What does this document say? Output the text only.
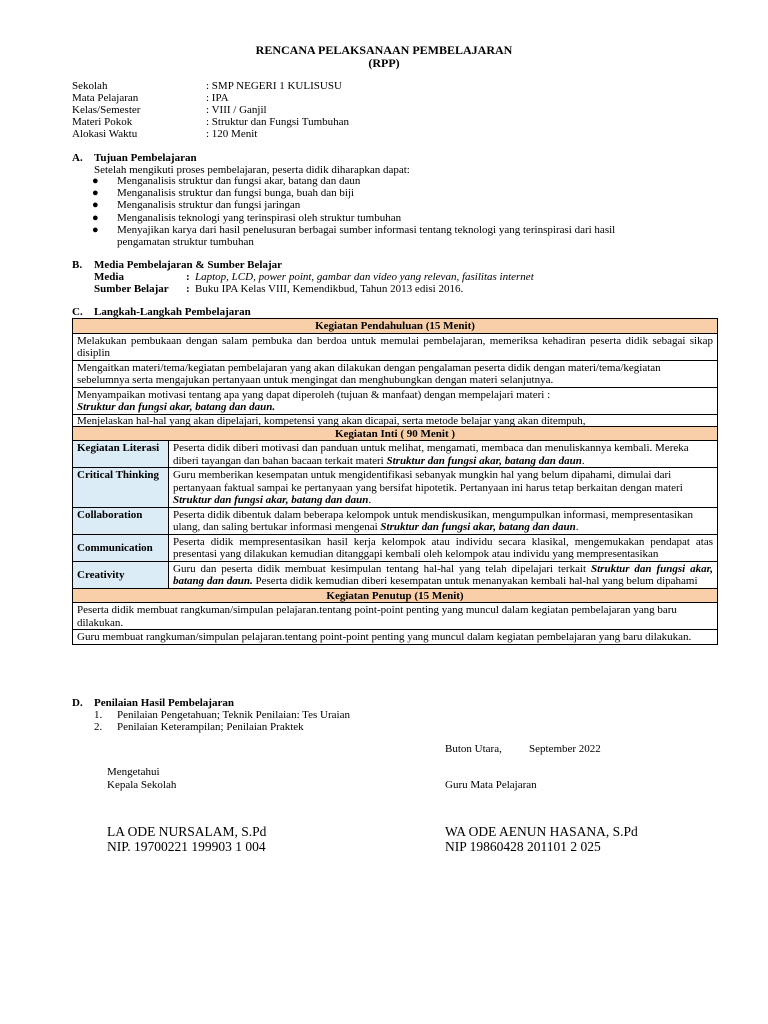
RENCANA PELAKSANAAN PEMBELAJARAN
(RPP)
Sekolah	: SMP NEGERI 1 KULISUSU
Mata Pelajaran	: IPA
Kelas/Semester	: VIII / Ganjil
Materi Pokok	: Struktur dan Fungsi Tumbuhan
Alokasi Waktu	: 120 Menit
A. Tujuan Pembelajaran
Setelah mengikuti proses pembelajaran, peserta didik diharapkan dapat:
● Menganalisis struktur dan fungsi akar, batang dan daun
● Menganalisis struktur dan fungsi bunga, buah dan biji
● Menganalisis struktur dan fungsi jaringan
● Menganalisis teknologi yang terinspirasi oleh struktur tumbuhan
● Menyajikan karya dari hasil penelusuran berbagai sumber informasi tentang teknologi yang terinspirasi dari hasil
pengamatan struktur tumbuhan
B. Media Pembelajaran & Sumber Belajar
Media	: Laptop, LCD, power point, gambar dan video yang relevan, fasilitas internet
Sumber Belajar : Buku IPA Kelas VIII, Kemendikbud, Tahun 2013 edisi 2016.
C. Langkah-Langkah Pembelajaran
Kegiatan Pendahuluan (15 Menit)	
Melakukan pembukaan dengan salam pembuka dan berdoa untuk memulai pembelajaran, memeriksa kehadiran peserta didik sebagai sikap disiplin	
Mengaitkan materi/tema/kegiatan pembelajaran yang akan dilakukan dengan pengalaman peserta didik dengan materi/tema/kegiatan sebelumnya serta mengajukan pertanyaan untuk mengingat dan menghubungkan dengan materi selanjutnya.	
Menyampaikan motivasi tentang apa yang dapat diperoleh (tujuan & manfaat) dengan mempelajari materi :
Struktur dan fungsi akar, batang dan daun.	
Menjelaskan hal-hal yang akan dipelajari, kompetensi yang akan dicapai, serta metode belajar yang akan ditempuh,	
Kegiatan Inti ( 90 Menit )	
Kegiatan Literasi	Peserta didik diberi motivasi dan panduan untuk melihat, mengamati, membaca dan menuliskannya kembali. Mereka diberi tayangan dan bahan bacaan terkait materi Struktur dan fungsi akar, batang dan daun.
Critical Thinking	Guru memberikan kesempatan untuk mengidentifikasi sebanyak mungkin hal yang belum dipahami, dimulai dari pertanyaan faktual sampai ke pertanyaan yang bersifat hipotetik. Pertanyaan ini harus tetap berkaitan dengan materi Struktur dan fungsi akar, batang dan daun.
Collaboration	Peserta didik dibentuk dalam beberapa kelompok untuk mendiskusikan, mengumpulkan informasi, mempresentasikan ulang, dan saling bertukar informasi mengenai Struktur dan fungsi akar, batang dan daun.
Communication	Peserta didik mempresentasikan hasil kerja kelompok atau individu secara klasikal, mengemukakan pendapat atas presentasi yang dilakukan kemudian ditanggapi kembali oleh kelompok atau individu yang mempresentasikan
Creativity	Guru dan peserta didik membuat kesimpulan tentang hal-hal yang telah dipelajari terkait Struktur dan fungsi akar, batang dan daun. Peserta didik kemudian diberi kesempatan untuk menanyakan kembali hal-hal yang belum dipahami
Kegiatan Penutup (15 Menit)	
Peserta didik membuat rangkuman/simpulan pelajaran.tentang point-point penting yang muncul dalam kegiatan pembelajaran yang baru dilakukan.	
Guru membuat rangkuman/simpulan pelajaran.tentang point-point penting yang muncul dalam kegiatan pembelajaran yang baru dilakukan.	
D. Penilaian Hasil Pembelajaran
1. Penilaian Pengetahuan; Teknik Penilaian: Tes Uraian
2. Penilaian Keterampilan; Penilaian Praktek
Buton Utara, September 2022
Mengetahui
Kepala Sekolah	Guru Mata Pelajaran
LA ODE NURSALAM, S.Pd
NIP. 19700221 199903 1 004
WA ODE AENUN HASANA, S.Pd
NIP 19860428 201101 2 025
